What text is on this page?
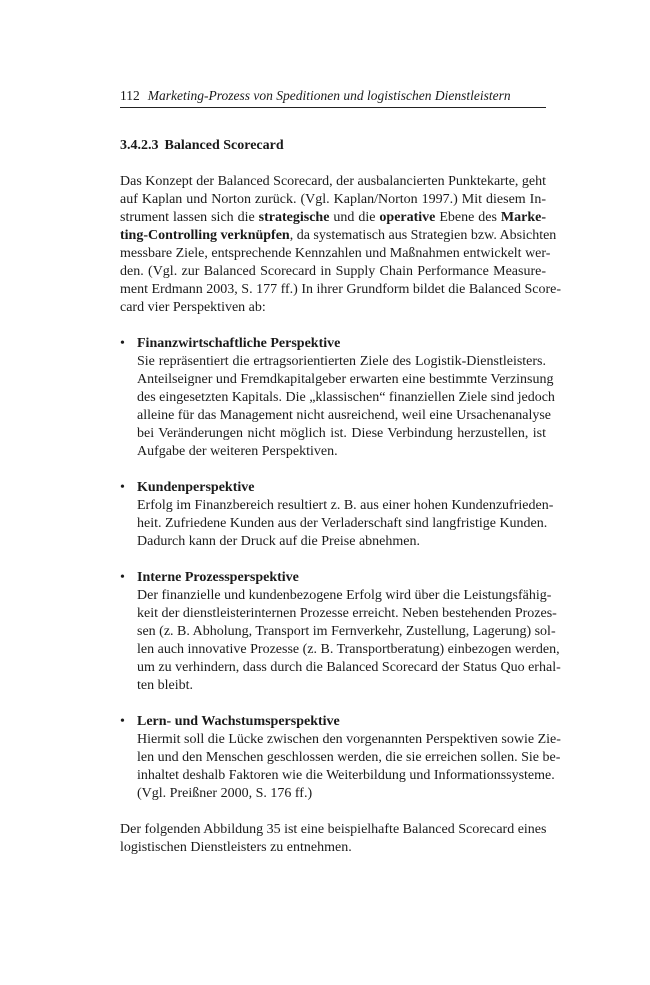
112 Marketing-Prozess von Speditionen und logistischen Dienstleistern
3.4.2.3 Balanced Scorecard
Das Konzept der Balanced Scorecard, der ausbalancierten Punktekarte, geht
auf Kaplan und Norton zurück. (Vgl. Kaplan/Norton 1997.) Mit diesem In-
strument lassen sich die strategische und die operative Ebene des Marke-
ting-Controlling verknüpfen, da systematisch aus Strategien bzw. Absichten
messbare Ziele, entsprechende Kennzahlen und Maßnahmen entwickelt wer-
den. (Vgl. zur Balanced Scorecard in Supply Chain Performance Measure-
ment Erdmann 2003, S. 177 ff.) In ihrer Grundform bildet die Balanced Score-
card vier Perspektiven ab:
• Finanzwirtschaftliche Perspektive
Sie repräsentiert die ertragsorientierten Ziele des Logistik-Dienstleisters.
Anteilseigner und Fremdkapitalgeber erwarten eine bestimmte Verzinsung
des eingesetzten Kapitals. Die „klassischen“ finanziellen Ziele sind jedoch
alleine für das Management nicht ausreichend, weil eine Ursachenanalyse
bei Veränderungen nicht möglich ist. Diese Verbindung herzustellen, ist
Aufgabe der weiteren Perspektiven.
• Kundenperspektive
Erfolg im Finanzbereich resultiert z. B. aus einer hohen Kundenzufrieden-
heit. Zufriedene Kunden aus der Verladerschaft sind langfristige Kunden.
Dadurch kann der Druck auf die Preise abnehmen.
• Interne Prozessperspektive
Der finanzielle und kundenbezogene Erfolg wird über die Leistungsfähig-
keit der dienstleisterinternen Prozesse erreicht. Neben bestehenden Prozes-
sen (z. B. Abholung, Transport im Fernverkehr, Zustellung, Lagerung) sol-
len auch innovative Prozesse (z. B. Transportberatung) einbezogen werden,
um zu verhindern, dass durch die Balanced Scorecard der Status Quo erhal-
ten bleibt.
• Lern- und Wachstumsperspektive
Hiermit soll die Lücke zwischen den vorgenannten Perspektiven sowie Zie-
len und den Menschen geschlossen werden, die sie erreichen sollen. Sie be-
inhaltet deshalb Faktoren wie die Weiterbildung und Informationssysteme.
(Vgl. Preißner 2000, S. 176 ff.)
Der folgenden Abbildung 35 ist eine beispielhafte Balanced Scorecard eines
logistischen Dienstleisters zu entnehmen.
